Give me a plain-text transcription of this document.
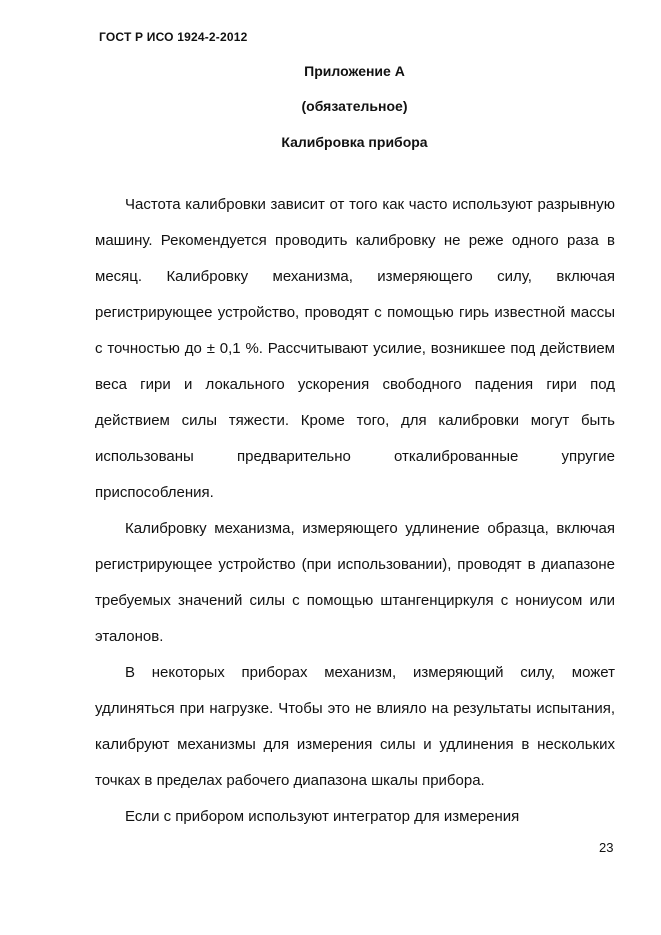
ГОСТ Р ИСО 1924-2-2012
Приложение А
(обязательное)
Калибровка прибора

Частота калибровки зависит от того как часто используют разрывную машину. Рекомендуется проводить калибровку не реже одного раза в месяц. Калибровку механизма, измеряющего силу, включая регистрирующее устройство, проводят с помощью гирь известной массы с точностью до ± 0,1 %. Рассчитывают усилие, возникшее под действием веса гири и локального ускорения свободного падения гири под действием силы тяжести. Кроме того, для калибровки могут быть использованы предварительно откалиброванные упругие приспособления.

Калибровку механизма, измеряющего удлинение образца, включая регистрирующее устройство (при использовании), проводят в диапазоне требуемых значений силы с помощью штангенциркуля с нониусом или эталонов.

В некоторых приборах механизм, измеряющий силу, может удлиняться при нагрузке. Чтобы это не влияло на результаты испытания, калибруют механизмы для измерения силы и удлинения в нескольких точках в пределах рабочего диапазона шкалы прибора.

Если с прибором используют интегратор для измерения

23
